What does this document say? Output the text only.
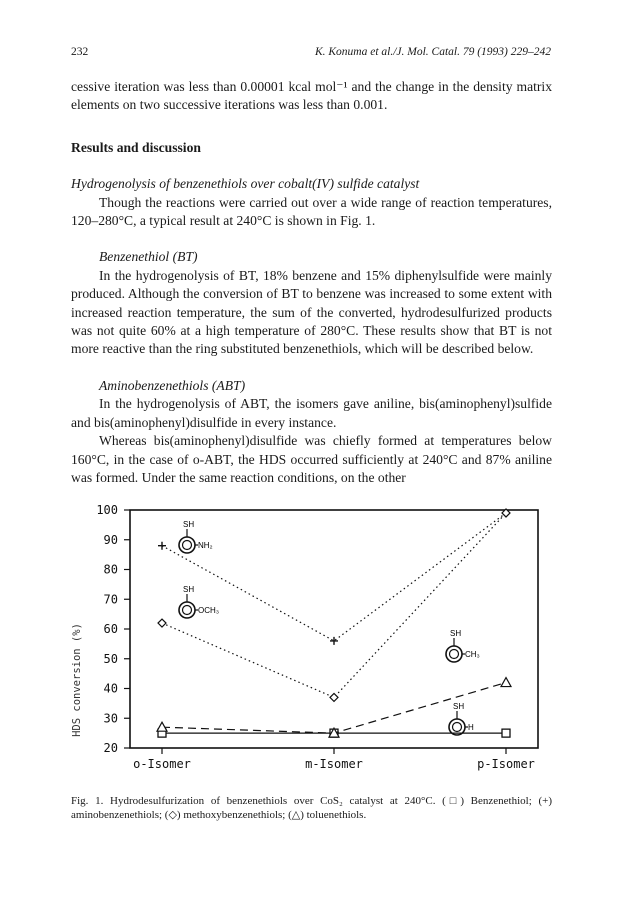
232	K. Konuma et al./J. Mol. Catal. 79 (1993) 229–242

cessive iteration was less than 0.00001 kcal mol⁻¹ and the change in the density matrix elements on two successive iterations was less than 0.001.

Results and discussion

Hydrogenolysis of benzenethiols over cobalt(IV) sulfide catalyst

Though the reactions were carried out over a wide range of reaction temperatures, 120–280°C, a typical result at 240°C is shown in Fig. 1.

Benzenethiol (BT)

In the hydrogenolysis of BT, 18% benzene and 15% diphenylsulfide were mainly produced. Although the conversion of BT to benzene was increased to some extent with increased reaction temperature, the sum of the converted, hydrodesulfurized products was not quite 60% at a high temperature of 280°C. These results show that BT is not more reactive than the ring substituted benzenethiols, which will be described below.

Aminobenzenethiols (ABT)

In the hydrogenolysis of ABT, the isomers gave aniline, bis(aminophenyl)sulfide and bis(aminophenyl)disulfide in every instance.

Whereas bis(aminophenyl)disulfide was chiefly formed at temperatures below 160°C, in the case of o-ABT, the HDS occurred sufficiently at 240°C and 87% aniline was formed. Under the same reaction conditions, on the other

HDS conversion (%)
100
90
80
70
60
50
40
30
20
o-Isomer	m-Isomer	p-Isomer
SH
NH₂
SH
OCH₃
SH
CH₃
SH
H
Fig. 1. Hydrodesulfurization of benzenethiols over CoS₂ catalyst at 240°C. (□) Benzenethiol; (+) aminobenzenethiols; (◇) methoxybenzenethiols; (△) toluenethiols.
